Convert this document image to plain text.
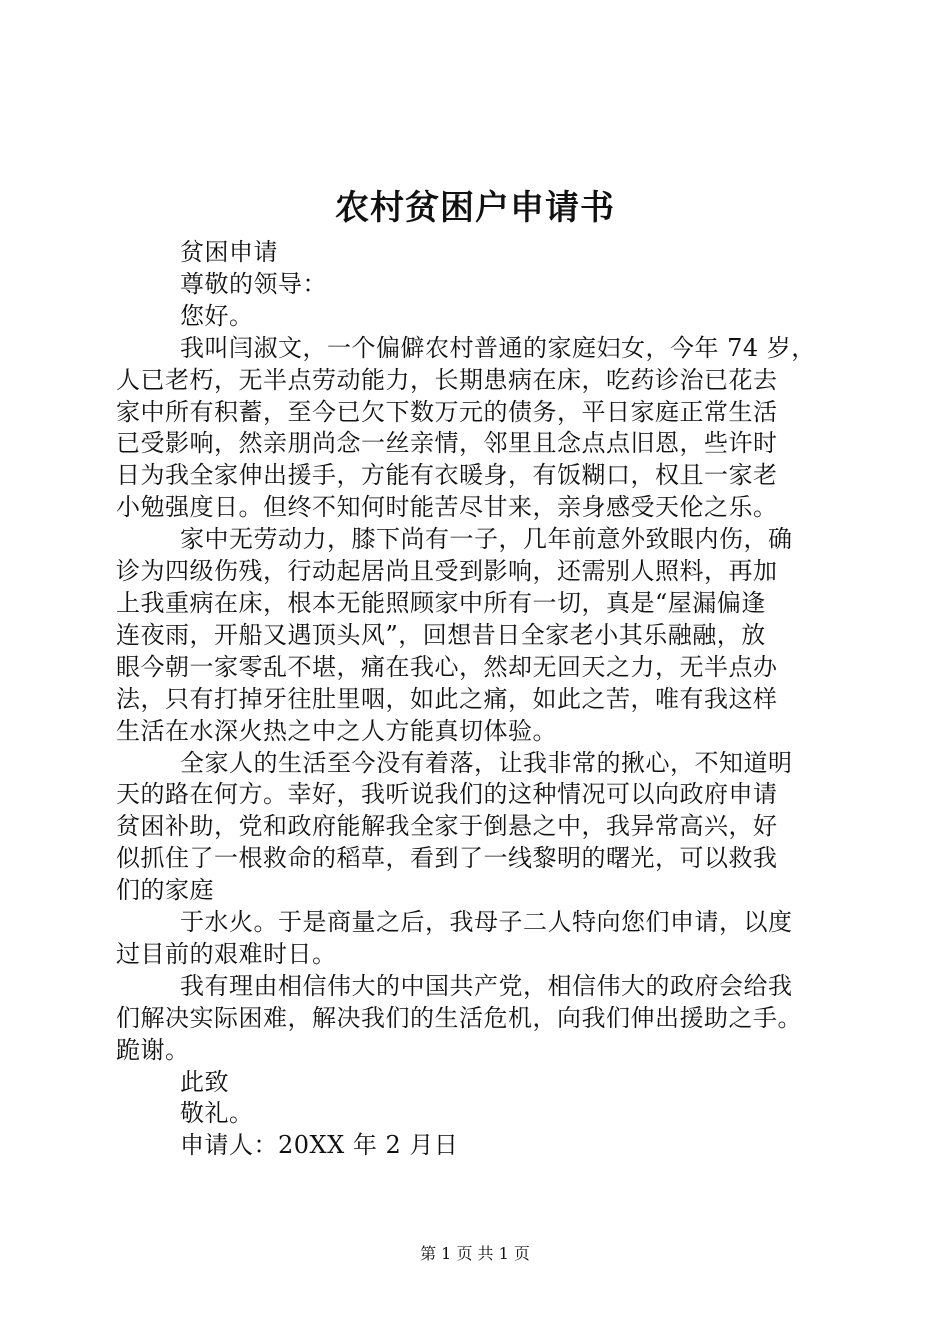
农村贫困户申请书
贫困申请
尊敬的领导：
您好。
我叫闫淑文，一个偏僻农村普通的家庭妇女，今年 74 岁，
人已老朽，无半点劳动能力，长期患病在床，吃药诊治已花去
家中所有积蓄，至今已欠下数万元的债务，平日家庭正常生活
已受影响，然亲朋尚念一丝亲情，邻里且念点点旧恩，些许时
日为我全家伸出援手，方能有衣暖身，有饭糊口，权且一家老
小勉强度日。但终不知何时能苦尽甘来，亲身感受天伦之乐。
家中无劳动力，膝下尚有一子，几年前意外致眼内伤，确
诊为四级伤残，行动起居尚且受到影响，还需别人照料，再加
上我重病在床，根本无能照顾家中所有一切，真是“屋漏偏逢
连夜雨，开船又遇顶头风”，回想昔日全家老小其乐融融，放
眼今朝一家零乱不堪，痛在我心，然却无回天之力，无半点办
法，只有打掉牙往肚里咽，如此之痛，如此之苦，唯有我这样
生活在水深火热之中之人方能真切体验。
全家人的生活至今没有着落，让我非常的揪心，不知道明
天的路在何方。幸好，我听说我们的这种情况可以向政府申请
贫困补助，党和政府能解我全家于倒悬之中，我异常高兴，好
似抓住了一根救命的稻草，看到了一线黎明的曙光，可以救我
们的家庭
于水火。于是商量之后，我母子二人特向您们申请，以度
过目前的艰难时日。
我有理由相信伟大的中国共产党，相信伟大的政府会给我
们解决实际困难，解决我们的生活危机，向我们伸出援助之手。
跪谢。
此致
敬礼。
申请人：20XX 年 2 月日
第 1 页 共 1 页
